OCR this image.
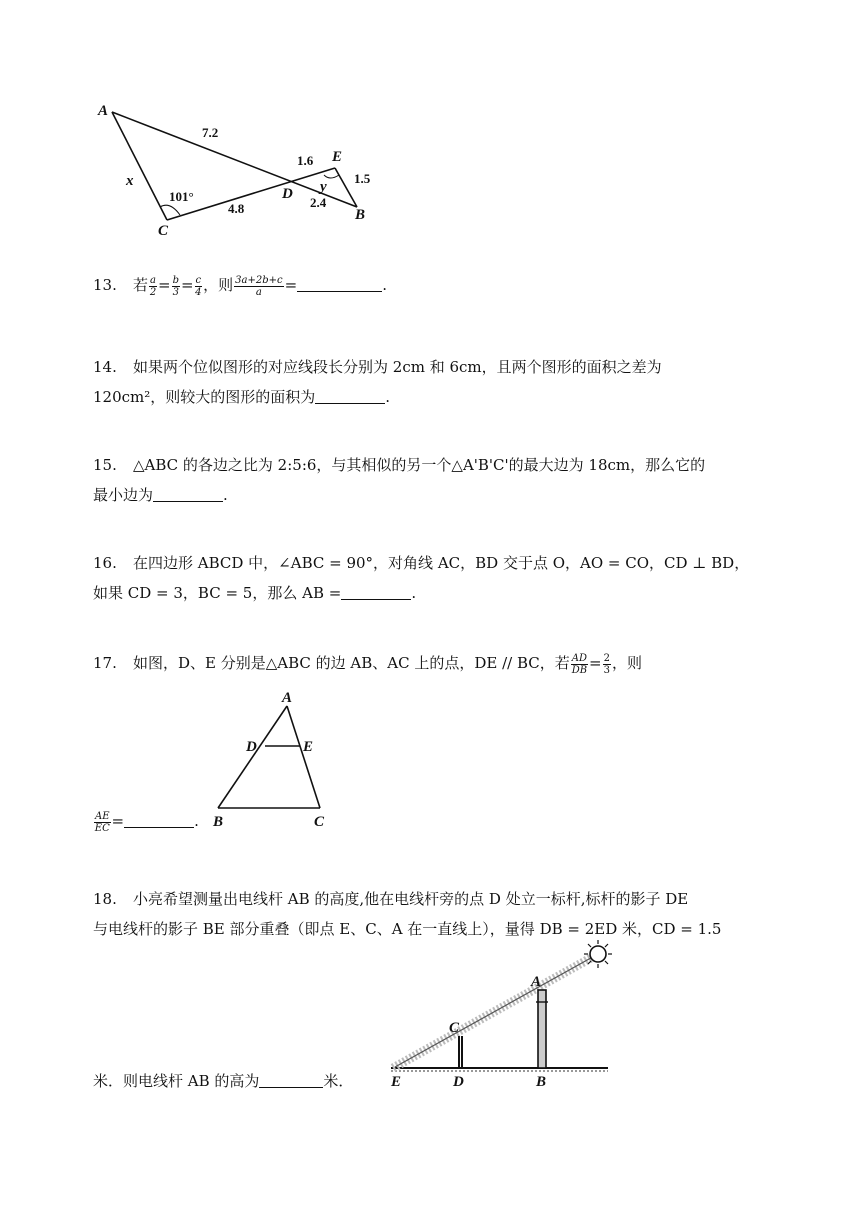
A
C
D
E
B
x	y
7.2
4.8
1.6
2.4
1.5
101°
13. 若 $\frac{a}{2} = \frac{b}{3} = \frac{c}{4}$ ，则 $\frac{3a+2b+c}{a}$ =	.
14. 如果两个位似图形的对应线段长分别为 2cm 和 6cm，且两个图形的面积之差为
120cm²，则较大的图形的面积为	.
15. △ABC 的各边之比为 2:5:6，与其相似的另一个△A'B'C'的最大边为 18cm，那么它的
最小边为	.
16. 在四边形 ABCD 中，∠ABC = 90°，对角线 AC，BD 交于点 O，AO = CO，CD ⊥ BD，
如果 CD = 3，BC = 5，那么 AB =	.
17. 如图，D、E 分别是△ABC 的边 AB、AC 上的点，DE // BC，若 $\frac{AD}{DB} = \frac{2}{3}$ ，则
A
D	E
B	C
$\frac{AE}{EC}$ =	.
18. 小亮希望测量出电线杆 AB 的高度,他在电线杆旁的点 D 处立一标杆,标杆的影子 DE
与电线杆的影子 BE 部分重叠（即点 E、C、A 在一直线上），量得 DB = 2ED 米，CD = 1.5
A
C
E	D	B
米．则电线杆 AB 的高为	米．
